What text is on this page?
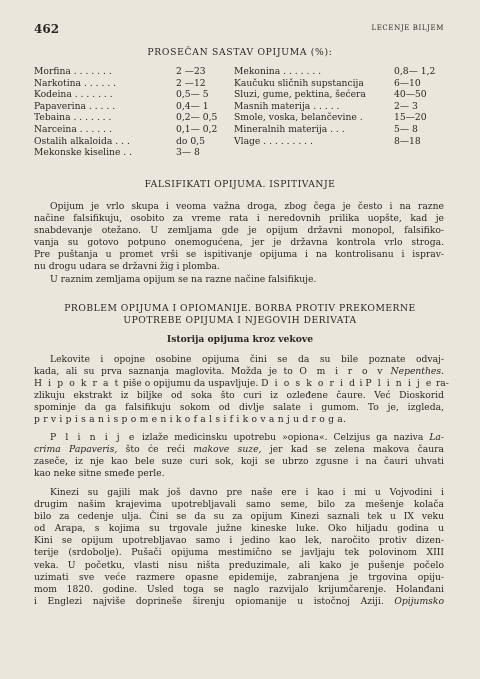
462	LECENJE BILJEM
PROSEČAN SASTAV OPIJUMA (%):
Morfina . . . . . . .	2 —23
Narkotina . . . . . .	2 —12
Kodeina . . . . . . .	0,5— 5
Papaverina . . . . .	0,4— 1
Tebaina . . . . . . .	0,2— 0,5
Narceina . . . . . .	0,1— 0,2
Ostalih alkaloida . . .	do 0,5
Mekonske kiseline . .	3— 8
Mekonina . . . . . . .	0,8— 1,2
Kaučuku sličnih supstancija	6—10
Sluzi, gume, pektina, šećera	40—50
Masnih materija . . . . .	2— 3
Smole, voska, belančevine .	15—20
Mineralnih materija . . .	5— 8
Vlage . . . . . . . . .	8—18
FALSIFIKATI OPIJUMA. ISPITIVANJE
Opijum je vrlo skupa i veoma važna droga, zbog čega je često i na razne
načine falsifikuju, osobito za vreme rata i neredovnih prilika uopšte, kad je
snabdevanje otežano. U zemljama gde je opijum državni monopol, falsifiko-
vanja su gotovo potpuno onemogućena, jer je državna kontrola vrlo stroga.
Pre puštanja u promet vrši se ispitivanje opijuma i na kontrolisanu i isprav-
nu drogu udara se državni žig i plomba.
U raznim zemljama opijum se na razne načine falsifikuje.
PROBLEM OPIJUMA I OPIOMANIJE. BORBA PROTIV PREKOMERNE
UPOTREBE OPIJUMA I NJEGOVIH DERIVATA
Istorija opijuma kroz vekove
Lekovite i opojne osobine opijuma čini se da su bile poznate odvaj-
kada, ali su prva saznanja maglovita. Možda je to O m i r o v Nepenthes.
H i p o k r a t piše o opijumu da uspavljuje. D i o s k o r i d i P l i n i j e ra-
zlikuju ekstrakt iz biljke od soka što curi iz ozleđene čaure. Već Dioskorid
spominje da ga falsifikuju sokom od divlje salate i gumom. To je, izgleda,
p r v i p i s a n i s p o m e n i k o f a l s i f i k o v a n j u d r o g a.
P l i n i j e izlaže medicinsku upotrebu »opiona«. Celzijus ga naziva La-
crima Papaveris, što će reći makove suze, jer kad se zelena makova čaura
zaseče, iz nje kao bele suze curi sok, koji se ubrzo zgusne i na čauri uhvati
kao neke sitne smeđe perle.
Kinezi su gajili mak još davno pre naše ere i kao i mi u Vojvodini i
drugim našim krajevima upotrebljavali samo seme, bilo za mešenje kolača
bilo za cedenje ulja. Čini se da su za opijum Kinezi saznali tek u IX veku
od Arapa, s kojima su trgovale južne kineske luke. Oko hiljadu godina u
Kini se opijum upotrebljavao samo i jedino kao lek, naročito protiv dizen-
terije (srdobolje). Pušači opijuma mestimično se javljaju tek polovinom XIII
veka. U početku, vlasti nisu ništa preduzimale, ali kako je pušenje počelo
uzimati sve veće razmere opasne epidemije, zabranjena je trgovina opiju-
mom 1820. godine. Usled toga se naglo razvijalo krijumčarenje. Holanđani
i Englezi najviše doprineše širenju opiomanije u istočnoj Aziji. Opijumsko
